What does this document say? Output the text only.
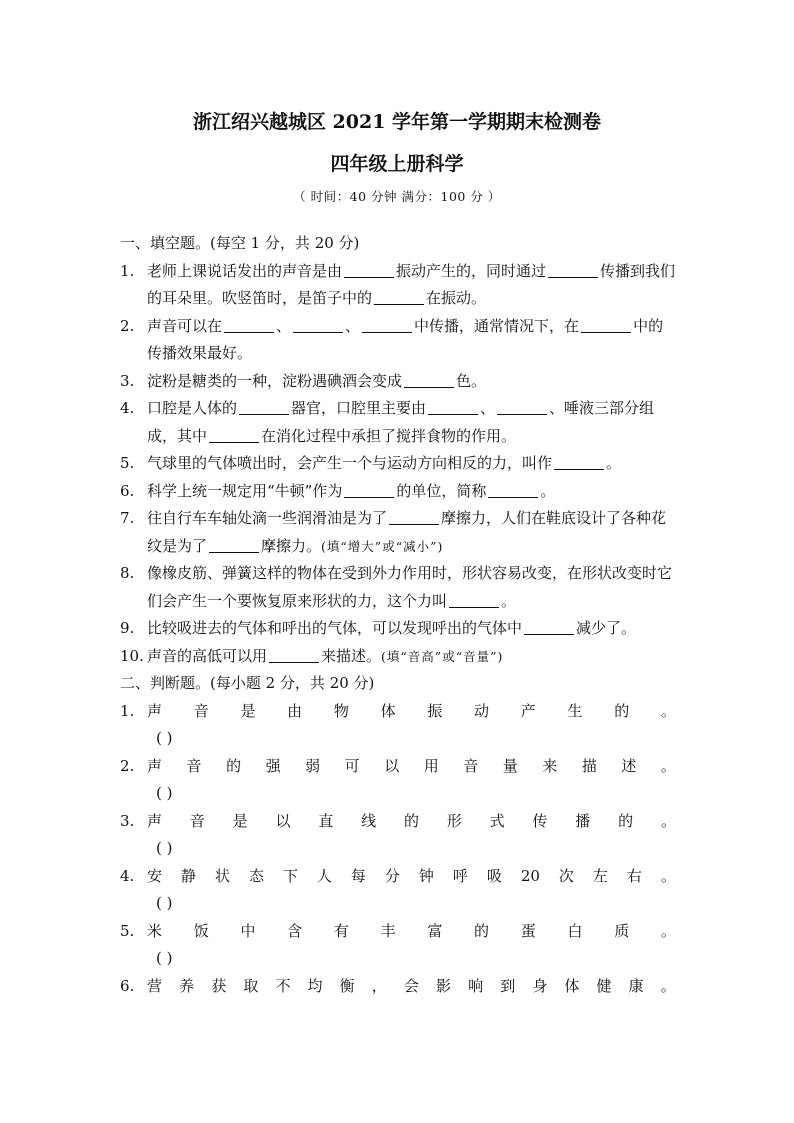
浙江绍兴越城区 2021 学年第一学期期末检测卷
四年级上册科学
（ 时间：40 分钟 满分：100 分 ）
一、填空题。(每空 1 分，共 20 分)
1. 老师上课说话发出的声音是由	振动产生的，同时通过	传播到我们的耳朵里。吹竖笛时，是笛子中的	在振动。
2. 声音可以在	、	、	中传播，通常情况下，在	中的传播效果最好。
3. 淀粉是糖类的一种，淀粉遇碘酒会变成	色。
4. 口腔是人体的	器官，口腔里主要由	、	、唾液三部分组成，其中	在消化过程中承担了搅拌食物的作用。
5. 气球里的气体喷出时，会产生一个与运动方向相反的力，叫作	。
6. 科学上统一规定用“牛顿”作为	的单位，简称	。
7. 往自行车车轴处滴一些润滑油是为了	摩擦力，人们在鞋底设计了各种花纹是为了	摩擦力。(填“增大”或“减小”)
8. 像橡皮筋、弹簧这样的物体在受到外力作用时，形状容易改变，在形状改变时它们会产生一个要恢复原来形状的力，这个力叫	。
9. 比较吸进去的气体和呼出的气体，可以发现呼出的气体中	减少了。
10. 声音的高低可以用	来描述。(填“音高”或“音量”)
二、判断题。(每小题 2 分，共 20 分)
1. 声 音 是 由 物 体 振 动 产 生 的 。
( )
2. 声 音 的 强 弱 可 以 用 音 量 来 描 述 。
( )
3. 声 音 是 以 直 线 的 形 式 传 播 的 。
( )
4. 安 静 状 态 下 人 每 分 钟 呼 吸 20 次 左 右 。
( )
5. 米 饭 中 含 有 丰 富 的 蛋 白 质 。
( )
6. 营 养 获 取 不 均 衡 ， 会 影 响 到 身 体 健 康 。
